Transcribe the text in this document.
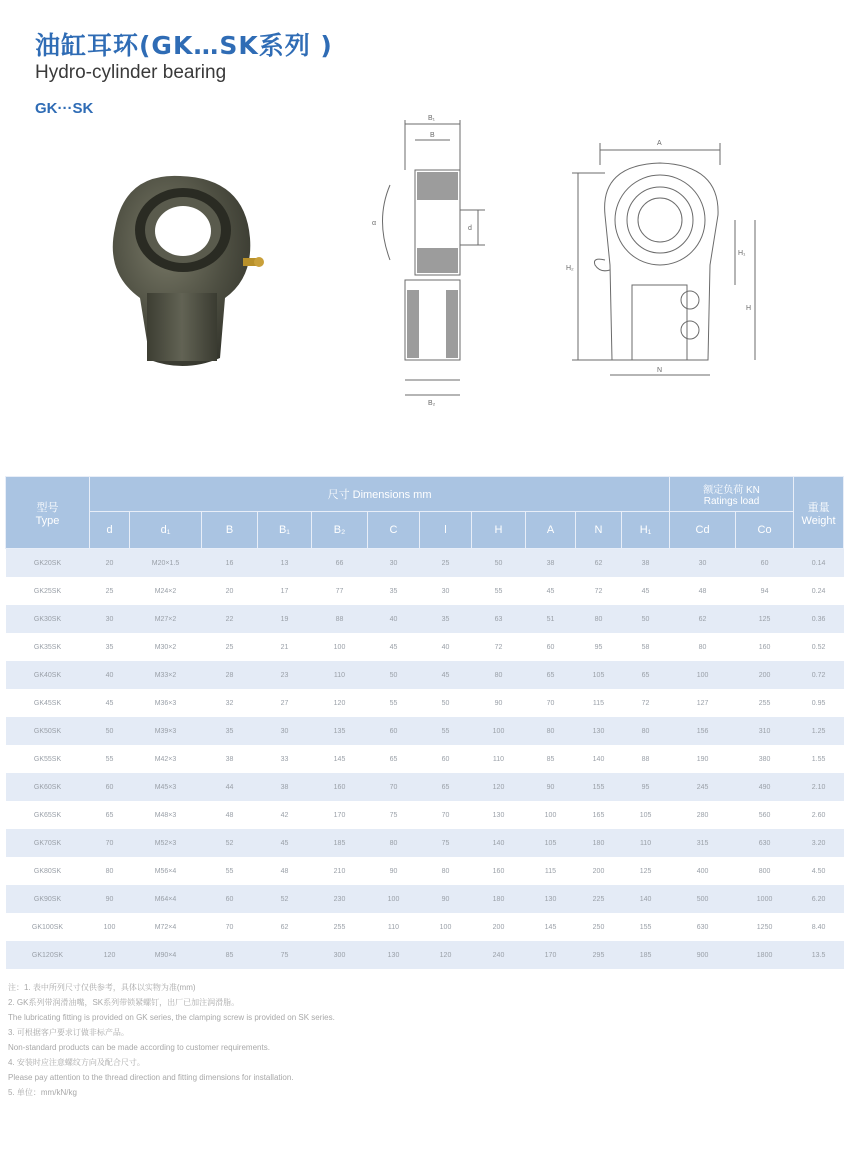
油缸耳环(GK…SK系列 )
Hydro-cylinder bearing
GK···SK
B₁
B
d
α
B₂
A
H₂
H₁
H
N
型号
Type	尺寸 Dimensions mm											额定负荷 KN
Ratings load		重量
Weight
	d	d₁	B	B₁	B₂	C	l	H	A	N	H₁	Cd	Co	
GK20SK	20	M20×1.5	16	13	66	30	25	50	38	62	38	30	60	0.14
GK25SK	25	M24×2	20	17	77	35	30	55	45	72	45	48	94	0.24
GK30SK	30	M27×2	22	19	88	40	35	63	51	80	50	62	125	0.36
GK35SK	35	M30×2	25	21	100	45	40	72	60	95	58	80	160	0.52
GK40SK	40	M33×2	28	23	110	50	45	80	65	105	65	100	200	0.72
GK45SK	45	M36×3	32	27	120	55	50	90	70	115	72	127	255	0.95
GK50SK	50	M39×3	35	30	135	60	55	100	80	130	80	156	310	1.25
GK55SK	55	M42×3	38	33	145	65	60	110	85	140	88	190	380	1.55
GK60SK	60	M45×3	44	38	160	70	65	120	90	155	95	245	490	2.10
GK65SK	65	M48×3	48	42	170	75	70	130	100	165	105	280	560	2.60
GK70SK	70	M52×3	52	45	185	80	75	140	105	180	110	315	630	3.20
GK80SK	80	M56×4	55	48	210	90	80	160	115	200	125	400	800	4.50
GK90SK	90	M64×4	60	52	230	100	90	180	130	225	140	500	1000	6.20
GK100SK	100	M72×4	70	62	255	110	100	200	145	250	155	630	1250	8.40
GK120SK	120	M90×4	85	75	300	130	120	240	170	295	185	900	1800	13.5
注：1. 表中所列尺寸仅供参考，具体以实物为准(mm)
2. GK系列带润滑油嘴，SK系列带锁紧螺钉，出厂已加注润滑脂。
The lubricating fitting is provided on GK series, the clamping screw is provided on SK series.
3. 可根据客户要求订做非标产品。
Non-standard products can be made according to customer requirements.
4. 安装时应注意螺纹方向及配合尺寸。
Please pay attention to the thread direction and fitting dimensions for installation.
5. 单位：mm/kN/kg
